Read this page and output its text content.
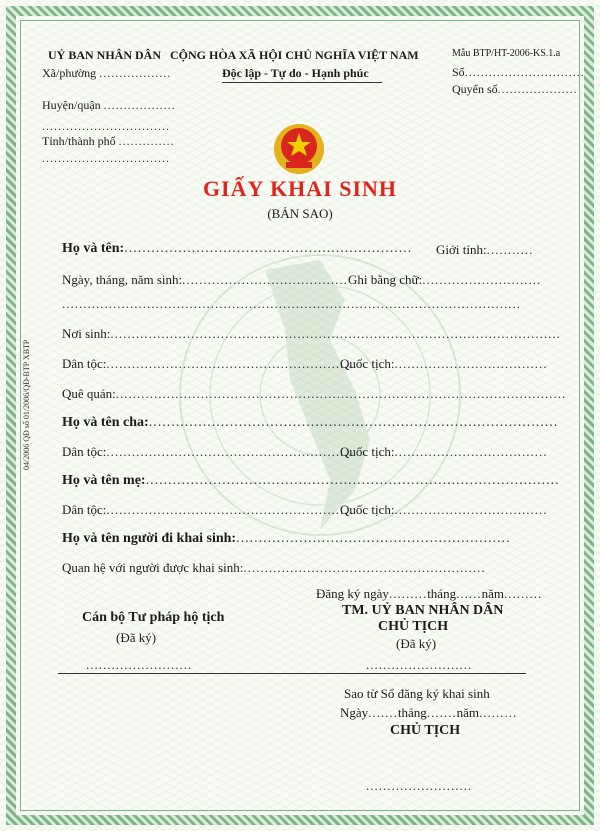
UỶ BAN NHÂN DÂN
Xã/phường ..................
Huyện/quận ..................
................................
Tỉnh/thành phố ..............
................................
CỘNG HÒA XÃ HỘI CHỦ NGHĨA VIỆT NAM
Độc lập - Tự do - Hạnh phúc
Mẫu BTP/HT-2006-KS.1.a
Số..............................
Quyển số....................
GIẤY KHAI SINH
(BẢN SAO)
04/2006 QĐ số 01/2006/QĐ-BTP XBTP
Họ và tên:................................................................ Giới tính:...........
Ngày, tháng, năm sinh:....................................... Ghi bằng chữ:............................
............................................................................................................
Nơi sinh:..........................................................................................................
Dân tộc:..........................................................
Quốc tịch:....................................
Quê quán:..........................................................................................................
Họ và tên cha:...........................................................................................
Dân tộc:..........................................................
Quốc tịch:....................................
Họ và tên mẹ:............................................................................................
Dân tộc:..........................................................
Quốc tịch:....................................
Họ và tên người đi khai sinh:.............................................................
Quan hệ với người được khai sinh:.........................................................
Đăng ký ngày.........tháng......năm.........
Cán bộ Tư pháp hộ tịch
(Đã ký)
.........................
TM. UỶ BAN NHÂN DÂN
CHỦ TỊCH
(Đã ký)
.........................
Sao từ Sổ đăng ký khai sinh
Ngày.......tháng.......năm.........
CHỦ TỊCH
.........................
